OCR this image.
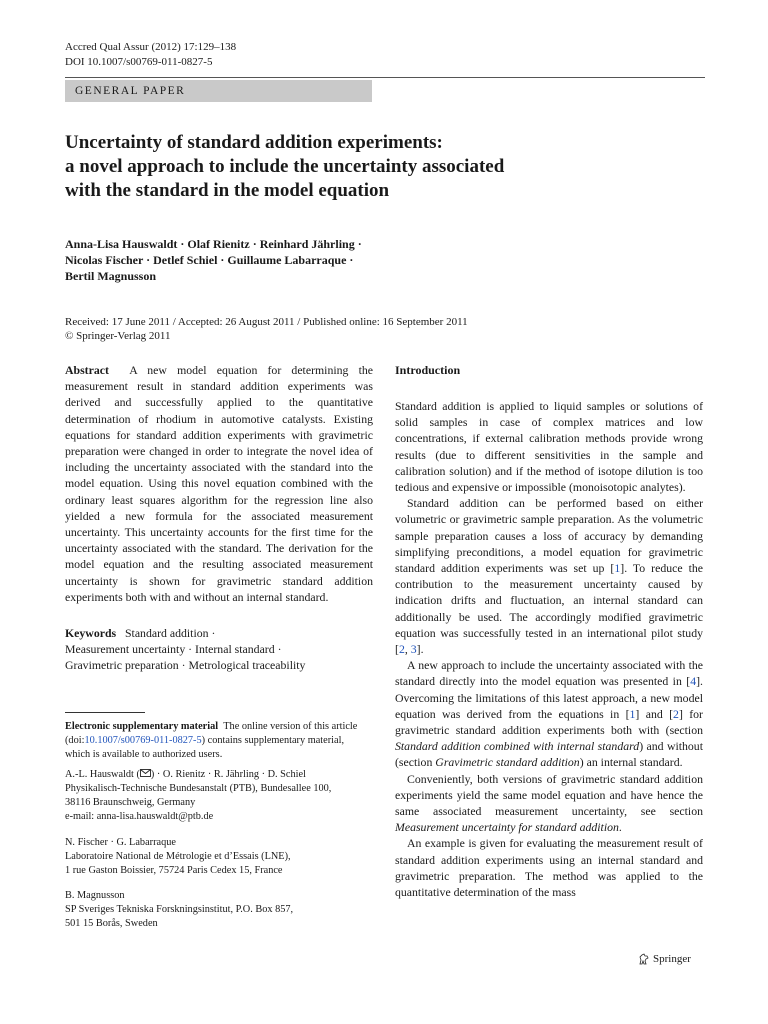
Accred Qual Assur (2012) 17:129–138
DOI 10.1007/s00769-011-0827-5
GENERAL PAPER
Uncertainty of standard addition experiments:
a novel approach to include the uncertainty associated
with the standard in the model equation
Anna-Lisa Hauswaldt · Olaf Rienitz · Reinhard Jährling ·
Nicolas Fischer · Detlef Schiel · Guillaume Labarraque ·
Bertil Magnusson
Received: 17 June 2011 / Accepted: 26 August 2011 / Published online: 16 September 2011
© Springer-Verlag 2011

Abstract A new model equation for determining the measurement result in standard addition experiments was derived and successfully applied to the quantitative determination of rhodium in automotive catalysts. Existing equations for standard addition experiments with gravimetric preparation were changed in order to integrate the novel idea of including the uncertainty associated with the standard into the model equation. Using this novel equation combined with the ordinary least squares algorithm for the regression line also yielded a new formula for the associated measurement uncertainty. This uncertainty accounts for the first time for the uncertainty associated with the standard. The derivation for the model equation and the resulting associated measurement uncertainty is shown for gravimetric standard addition experiments both with and without an internal standard.

Keywords Standard addition ·
Measurement uncertainty · Internal standard ·
Gravimetric preparation · Metrological traceability
Electronic supplementary material The online version of this article (doi:10.1007/s00769-011-0827-5) contains supplementary material, which is available to authorized users.
A.-L. Hauswaldt ( ) · O. Rienitz · R. Jährling · D. Schiel
Physikalisch-Technische Bundesanstalt (PTB), Bundesallee 100,
38116 Braunschweig, Germany
e-mail: anna-lisa.hauswaldt@ptb.de
N. Fischer · G. Labarraque
Laboratoire National de Métrologie et d’Essais (LNE),
1 rue Gaston Boissier, 75724 Paris Cedex 15, France
B. Magnusson
SP Sveriges Tekniska Forskningsinstitut, P.O. Box 857,
501 15 Borås, Sweden
Introduction

Standard addition is applied to liquid samples or solutions of solid samples in case of complex matrices and low concentrations, if external calibration methods provide wrong results (due to different sensitivities in the sample and calibration solution) and if the method of isotope dilution is too tedious and expensive or impossible (monoisotopic analytes).

Standard addition can be performed based on either volumetric or gravimetric sample preparation. As the volumetric sample preparation causes a loss of accuracy by demanding simplifying preconditions, a model equation for gravimetric standard addition experiments was set up [1]. To reduce the contribution to the measurement uncertainty caused by indication drifts and fluctuation, an internal standard can additionally be used. The accordingly modified gravimetric equation was successfully tested in an international pilot study [2, 3].

A new approach to include the uncertainty associated with the standard directly into the model equation was presented in [4]. Overcoming the limitations of this latest approach, a new model equation was derived from the equations in [1] and [2] for gravimetric standard addition experiments both with (section Standard addition combined with internal standard) and without (section Gravimetric standard addition) an internal standard.

Conveniently, both versions of gravimetric standard addition experiments yield the same model equation and have hence the same associated measurement uncertainty, see section Measurement uncertainty for standard addition.

An example is given for evaluating the measurement result of standard addition experiments using an internal standard and gravimetric preparation. The method was applied to the quantitative determination of the mass

Springer
